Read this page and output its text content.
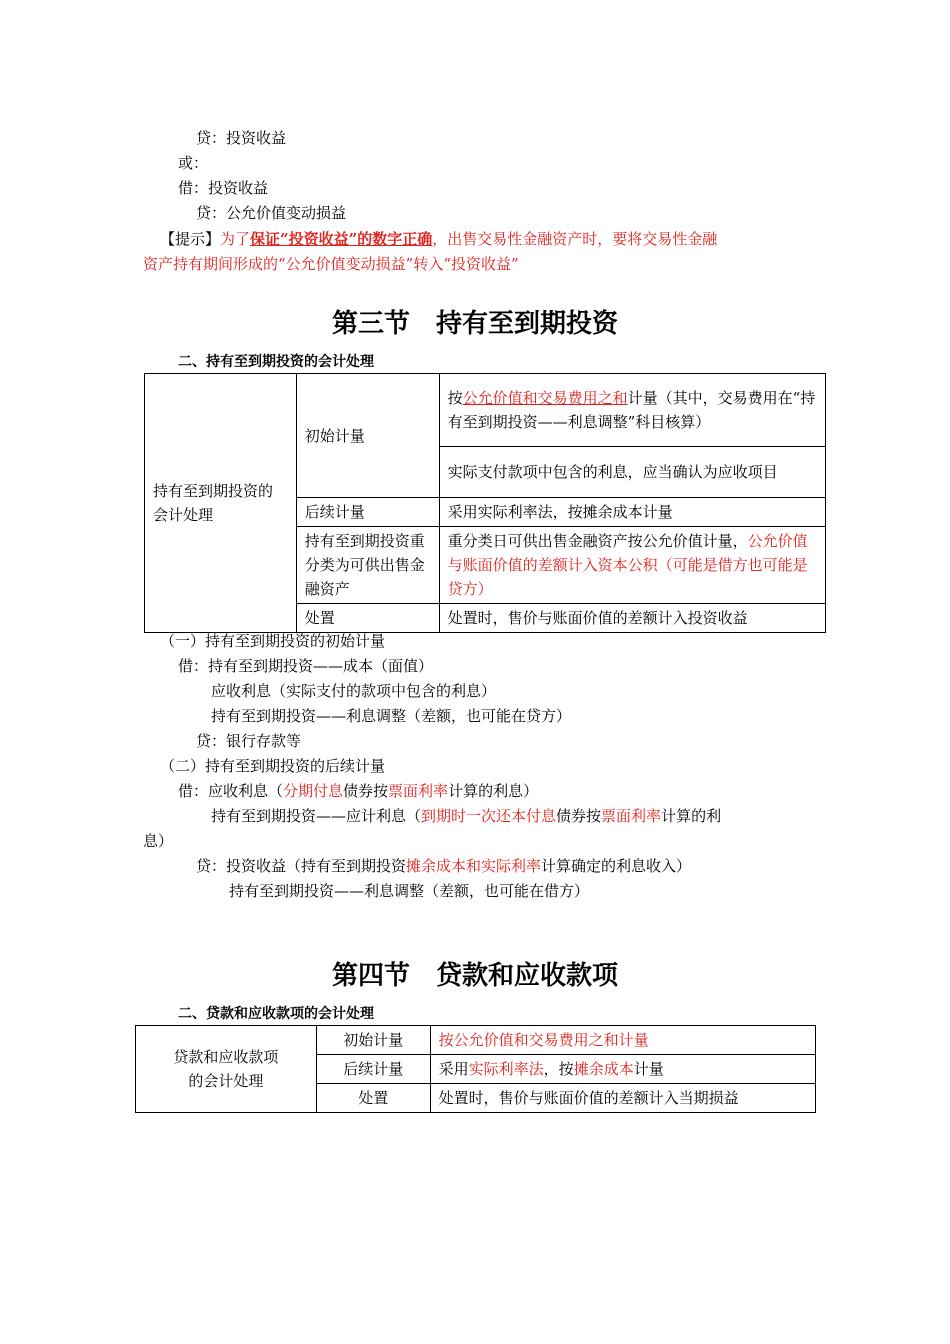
贷：投资收益
或：
借：投资收益
贷：公允价值变动损益
【提示】为了保证“投资收益”的数字正确，出售交易性金融资产时，要将交易性金融
资产持有期间形成的“公允价值变动损益”转入“投资收益”
第三节　持有至到期投资
二、持有至到期投资的会计处理
持有至到期投资的会计处理	初始计量	按公允价值和交易费用之和计量（其中，交易费用在“持有至到期投资——利息调整”科目核算）
		实际支付款项中包含的利息，应当确认为应收项目
	后续计量	采用实际利率法，按摊余成本计量
	持有至到期投资重分类为可供出售金融资产	重分类日可供出售金融资产按公允价值计量，公允价值与账面价值的差额计入资本公积（可能是借方也可能是贷方）
	处置	处置时，售价与账面价值的差额计入投资收益
（一）持有至到期投资的初始计量
借：持有至到期投资——成本（面值）
应收利息（实际支付的款项中包含的利息）
持有至到期投资——利息调整（差额，也可能在贷方）
贷：银行存款等
（二）持有至到期投资的后续计量
借：应收利息（分期付息债券按票面利率计算的利息）
持有至到期投资——应计利息（到期时一次还本付息债券按票面利率计算的利
息）
贷：投资收益（持有至到期投资摊余成本和实际利率计算确定的利息收入）
持有至到期投资——利息调整（差额，也可能在借方）
第四节　贷款和应收款项
二、贷款和应收款项的会计处理
贷款和应收款项的会计处理	初始计量	按公允价值和交易费用之和计量
	后续计量	采用实际利率法，按摊余成本计量
	处置	处置时，售价与账面价值的差额计入当期损益
